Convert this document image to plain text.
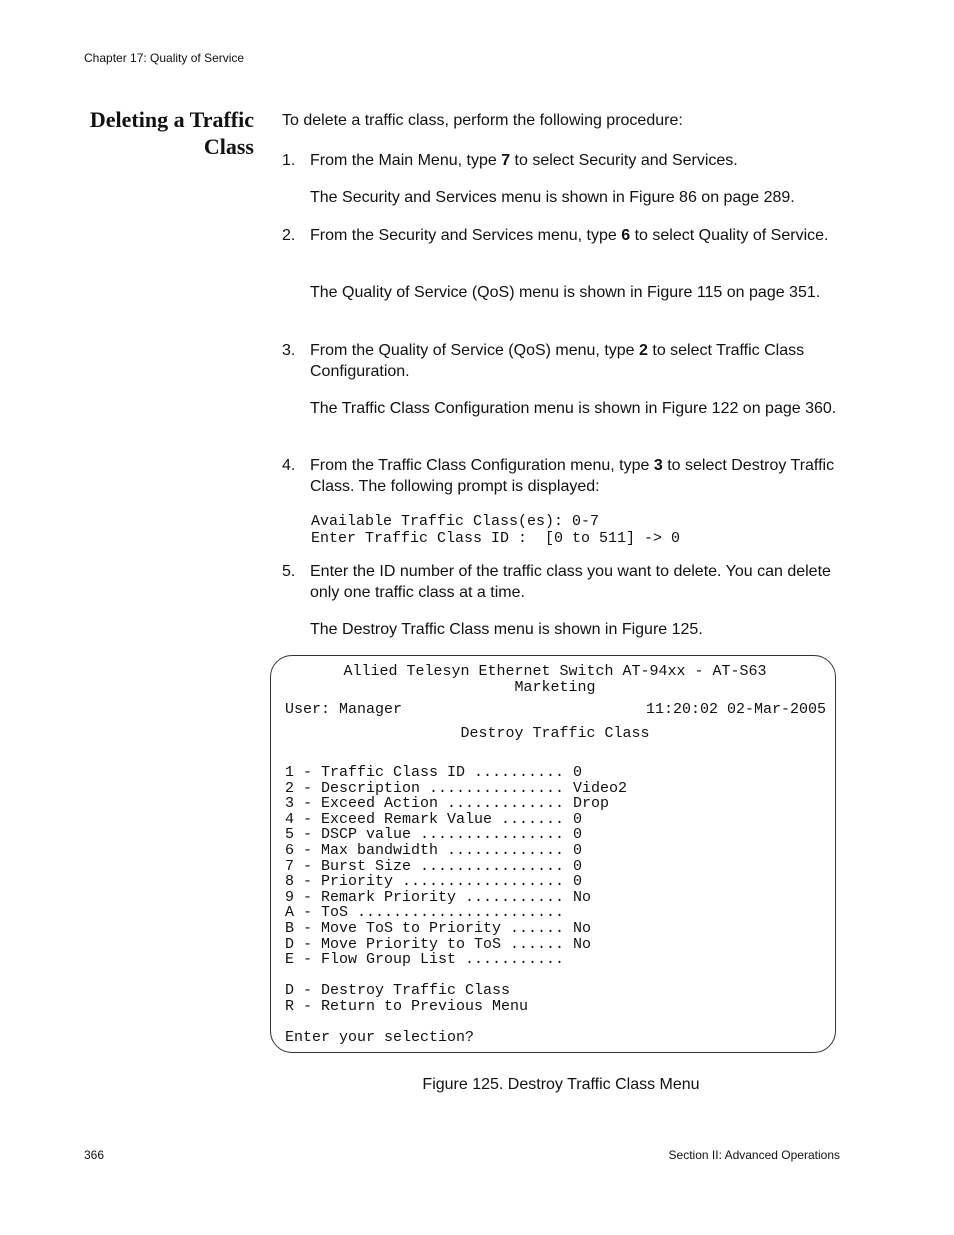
Chapter 17: Quality of Service
Deleting a Traffic Class
To delete a traffic class, perform the following procedure:
1. From the Main Menu, type 7 to select Security and Services.
The Security and Services menu is shown in Figure 86 on page 289.
2. From the Security and Services menu, type 6 to select Quality of Service.
The Quality of Service (QoS) menu is shown in Figure 115 on page 351.
3. From the Quality of Service (QoS) menu, type 2 to select Traffic Class Configuration.
The Traffic Class Configuration menu is shown in Figure 122 on page 360.
4. From the Traffic Class Configuration menu, type 3 to select Destroy Traffic Class. The following prompt is displayed:
Available Traffic Class(es): 0-7
Enter Traffic Class ID :  [0 to 511] -> 0
5. Enter the ID number of the traffic class you want to delete. You can delete only one traffic class at a time.
The Destroy Traffic Class menu is shown in Figure 125.
Allied Telesyn Ethernet Switch AT-94xx - AT-S63
Marketing
User: Manager	11:20:02 02-Mar-2005
Destroy Traffic Class
1 - Traffic Class ID .......... 0
2 - Description ............... Video2
3 - Exceed Action ............. Drop
4 - Exceed Remark Value ....... 0
5 - DSCP value ................ 0
6 - Max bandwidth ............. 0
7 - Burst Size ................ 0
8 - Priority .................. 0
9 - Remark Priority ........... No
A - ToS .......................
B - Move ToS to Priority ...... No
D - Move Priority to ToS ...... No
E - Flow Group List ...........
D - Destroy Traffic Class
R - Return to Previous Menu
Enter your selection?
Figure 125. Destroy Traffic Class Menu
366	Section II: Advanced Operations
